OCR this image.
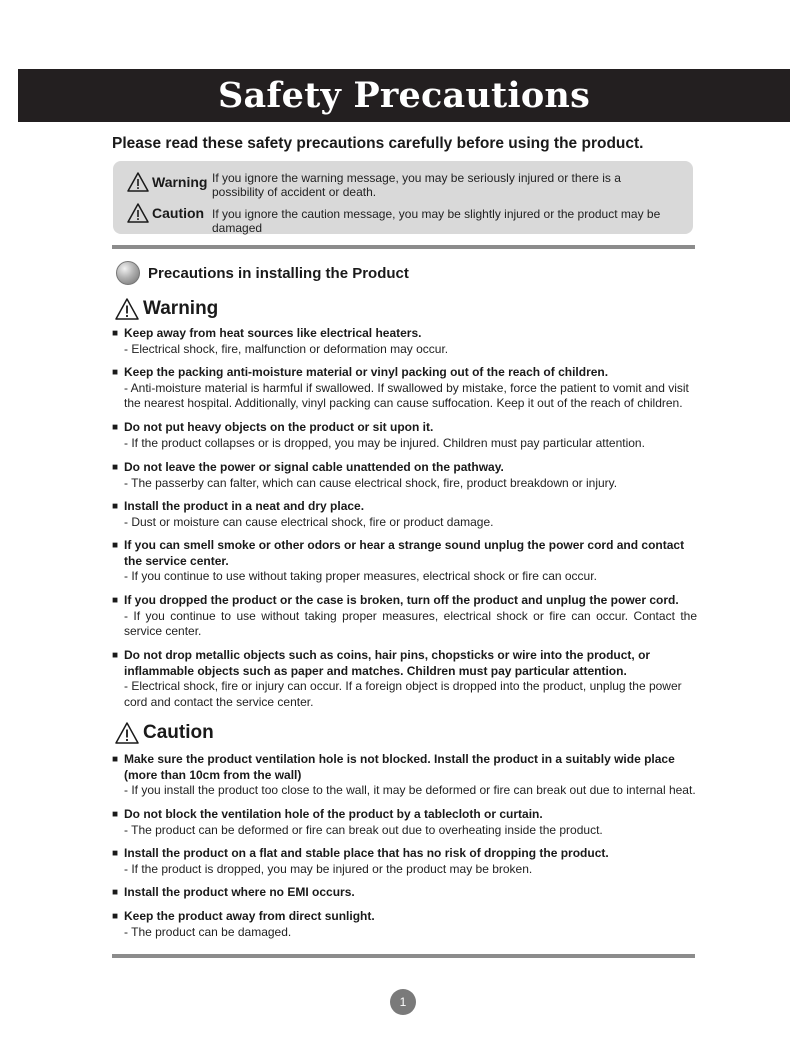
Safety Precautions
Please read these safety precautions carefully before using the product.
Warning If you ignore the warning message, you may be seriously injured or there is a possibility of accident or death.
Caution If you ignore the caution message, you may be slightly injured or the product may be damaged
Precautions in installing the Product
Warning
■ Keep away from heat sources like electrical heaters.
- Electrical shock, fire, malfunction or deformation may occur.
■ Keep the packing anti-moisture material or vinyl packing out of the reach of children.
- Anti-moisture material is harmful if swallowed. If swallowed by mistake, force the patient to vomit and visit the nearest hospital. Additionally, vinyl packing can cause suffocation. Keep it out of the reach of children.
■ Do not put heavy objects on the product or sit upon it.
- If the product collapses or is dropped, you may be injured. Children must pay particular attention.
■ Do not leave the power or signal cable unattended on the pathway.
- The passerby can falter, which can cause electrical shock, fire, product breakdown or injury.
■ Install the product in a neat and dry place.
- Dust or moisture can cause electrical shock, fire or product damage.
■ If you can smell smoke or other odors or hear a strange sound unplug the power cord and contact the service center.
- If you continue to use without taking proper measures, electrical shock or fire can occur.
■ If you dropped the product or the case is broken, turn off the product and unplug the power cord.
- If you continue to use without taking proper measures, electrical shock or fire can occur. Contact the service center.
■ Do not drop metallic objects such as coins, hair pins, chopsticks or wire into the product, or inflammable objects such as paper and matches. Children must pay particular attention.
- Electrical shock, fire or injury can occur. If a foreign object is dropped into the product, unplug the power cord and contact the service center.
Caution
■ Make sure the product ventilation hole is not blocked. Install the product in a suitably wide place (more than 10cm from the wall)
- If you install the product too close to the wall, it may be deformed or fire can break out due to internal heat.
■ Do not block the ventilation hole of the product by a tablecloth or curtain.
- The product can be deformed or fire can break out due to overheating inside the product.
■ Install the product on a flat and stable place that has no risk of dropping the product.
- If the product is dropped, you may be injured or the product may be broken.
■ Install the product where no EMI occurs.
■ Keep the product away from direct sunlight.
- The product can be damaged.
1
